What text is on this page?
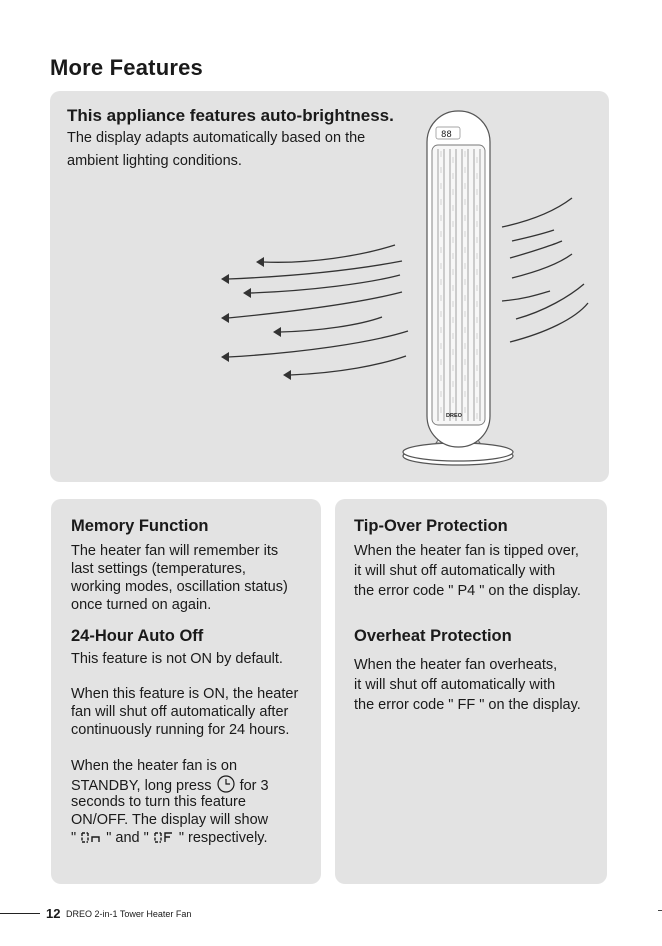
More Features
This appliance features auto-brightness.
The display adapts automatically based on the
ambient lighting conditions.
88
DREO
Memory Function
The heater fan will remember its
last settings (temperatures,
working modes, oscillation status)
once turned on again.
24-Hour Auto Off
This feature is not ON by default.
When this feature is ON, the heater
fan will shut off automatically after
continuously running for 24 hours.
When the heater fan is on
STANDBY, long press for 3
seconds to turn this feature
ON/OFF. The display will show
" " and " " respectively.
Tip-Over Protection
When the heater fan is tipped over,
it will shut off automatically with
the error code " P4 " on the display.
Overheat Protection
When the heater fan overheats,
it will shut off automatically with
the error code " FF " on the display.
12 DREO 2-in-1 Tower Heater Fan
